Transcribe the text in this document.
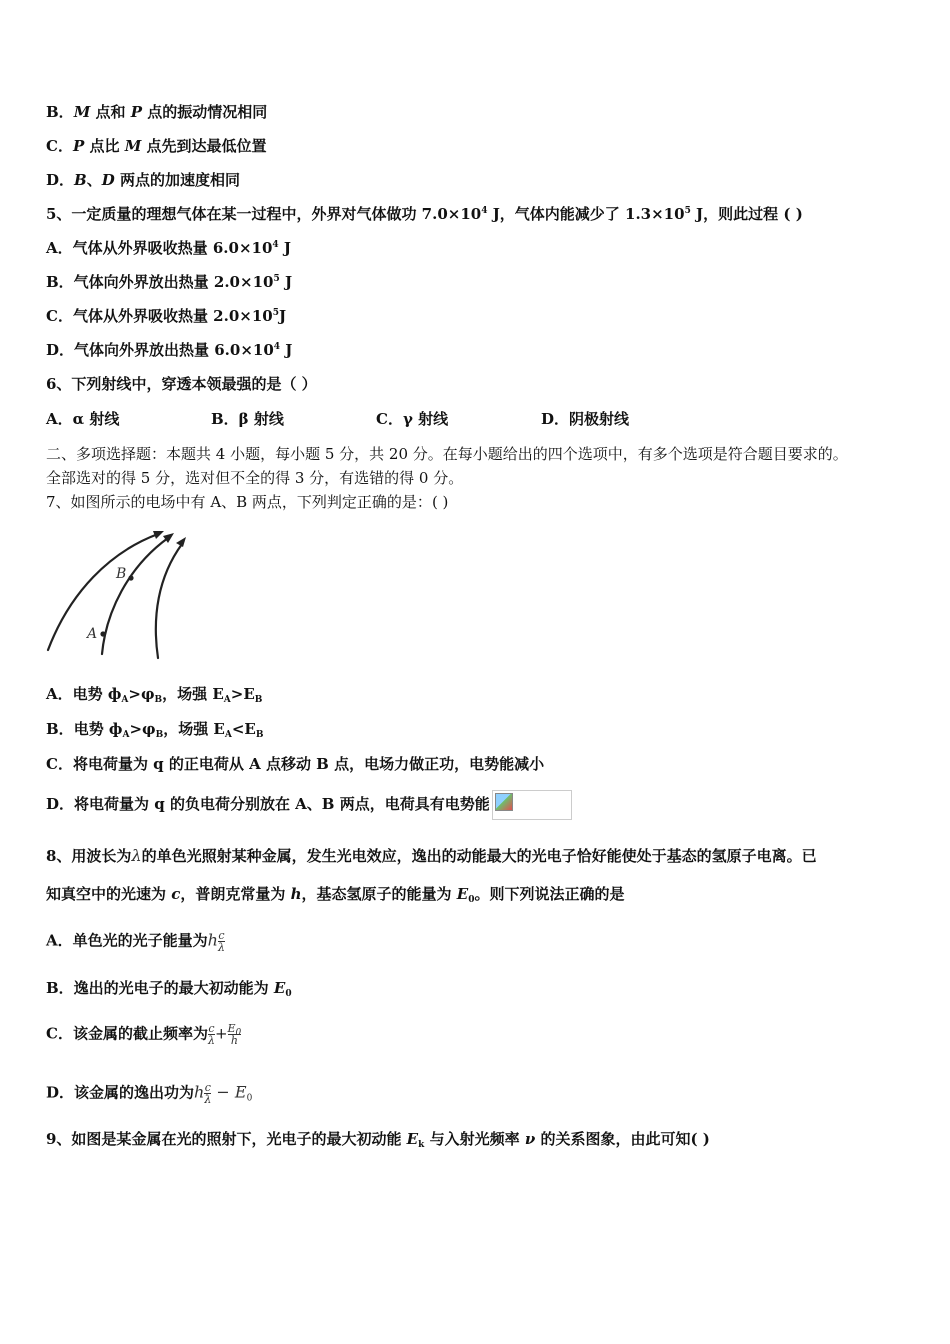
B．M 点和 P 点的振动情况相同
C．P 点比 M 点先到达最低位置
D．B、D 两点的加速度相同
5、一定质量的理想气体在某一过程中，外界对气体做功 $7.0\times 10^4$ J，气体内能减少了 $1.3\times 10^5$ J，则此过程 ( )
A．气体从外界吸收热量 $6.0\times 10^4$ J
B．气体向外界放出热量 $2.0\times 10^5$ J
C．气体从外界吸收热量 $2.0\times 10^5J$
D．气体向外界放出热量 $6.0\times 10^4$ J
6、下列射线中，穿透本领最强的是（ ）
A．α 射线	B．β 射线	C．γ 射线	D．阴极射线
二、多项选择题：本题共 4 小题，每小题 5 分，共 20 分。在每小题给出的四个选项中，有多个选项是符合题目要求的。
全部选对的得 5 分，选对但不全的得 3 分，有选错的得 0 分。
7、如图所示的电场中有 A、B 两点，下列判定正确的是：( )
A
B
A．电势 $ф_A>\varphi_B$，场强 $E_A>E_B$
B．电势 $ф_A>\varphi_B$，场强 $E_A<E_B$
C．将电荷量为 q 的正电荷从 A 点移动 B 点，电场力做正功，电势能减小
D．将电荷量为 q 的负电荷分别放在 A、B 两点，电荷具有电势能
8、用波长为λ的单色光照射某种金属，发生光电效应，逸出的动能最大的光电子恰好能使处于基态的氢原子电离。已
知真空中的光速为 c，普朗克常量为 h，基态氢原子的能量为 $E_0$。则下列说法正确的是
A．单色光的光子能量为$h\frac{c}{\lambda}$
B．逸出的光电子的最大初动能为 $E_0$
C．该金属的截止频率为$\frac{c}{\lambda} +\frac{E_0}{h}$
D．该金属的逸出功为$h\frac{c}{\lambda} - E_0$
9、如图是某金属在光的照射下，光电子的最大初动能 $E_k$ 与入射光频率 ν 的关系图象，由此可知( )
